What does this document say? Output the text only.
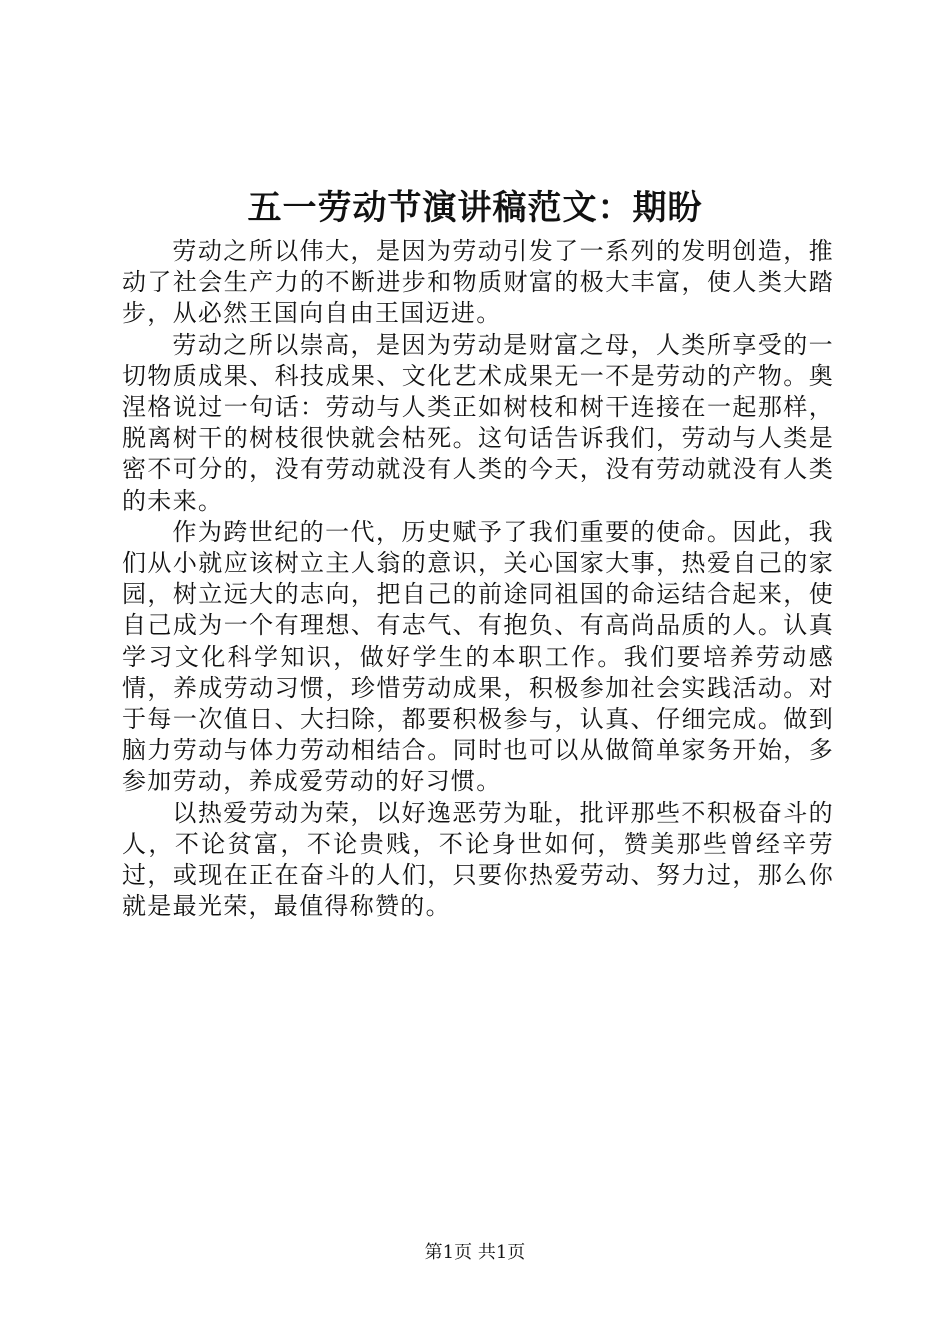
五一劳动节演讲稿范文：期盼

劳动之所以伟大，是因为劳动引发了一系列的发明创造，推动了社会生产力的不断进步和物质财富的极大丰富，使人类大踏步，从必然王国向自由王国迈进。

劳动之所以崇高，是因为劳动是财富之母，人类所享受的一切物质成果、科技成果、文化艺术成果无一不是劳动的产物。奥涅格说过一句话：劳动与人类正如树枝和树干连接在一起那样，脱离树干的树枝很快就会枯死。这句话告诉我们，劳动与人类是密不可分的，没有劳动就没有人类的今天，没有劳动就没有人类的未来。

作为跨世纪的一代，历史赋予了我们重要的使命。因此，我们从小就应该树立主人翁的意识，关心国家大事，热爱自己的家园，树立远大的志向，把自己的前途同祖国的命运结合起来，使自己成为一个有理想、有志气、有抱负、有高尚品质的人。认真学习文化科学知识，做好学生的本职工作。我们要培养劳动感情，养成劳动习惯，珍惜劳动成果，积极参加社会实践活动。对于每一次值日、大扫除，都要积极参与，认真、仔细完成。做到脑力劳动与体力劳动相结合。同时也可以从做简单家务开始，多参加劳动，养成爱劳动的好习惯。

以热爱劳动为荣，以好逸恶劳为耻，批评那些不积极奋斗的人，不论贫富，不论贵贱，不论身世如何，赞美那些曾经辛劳过，或现在正在奋斗的人们，只要你热爱劳动、努力过，那么你就是最光荣，最值得称赞的。

第1页 共1页
